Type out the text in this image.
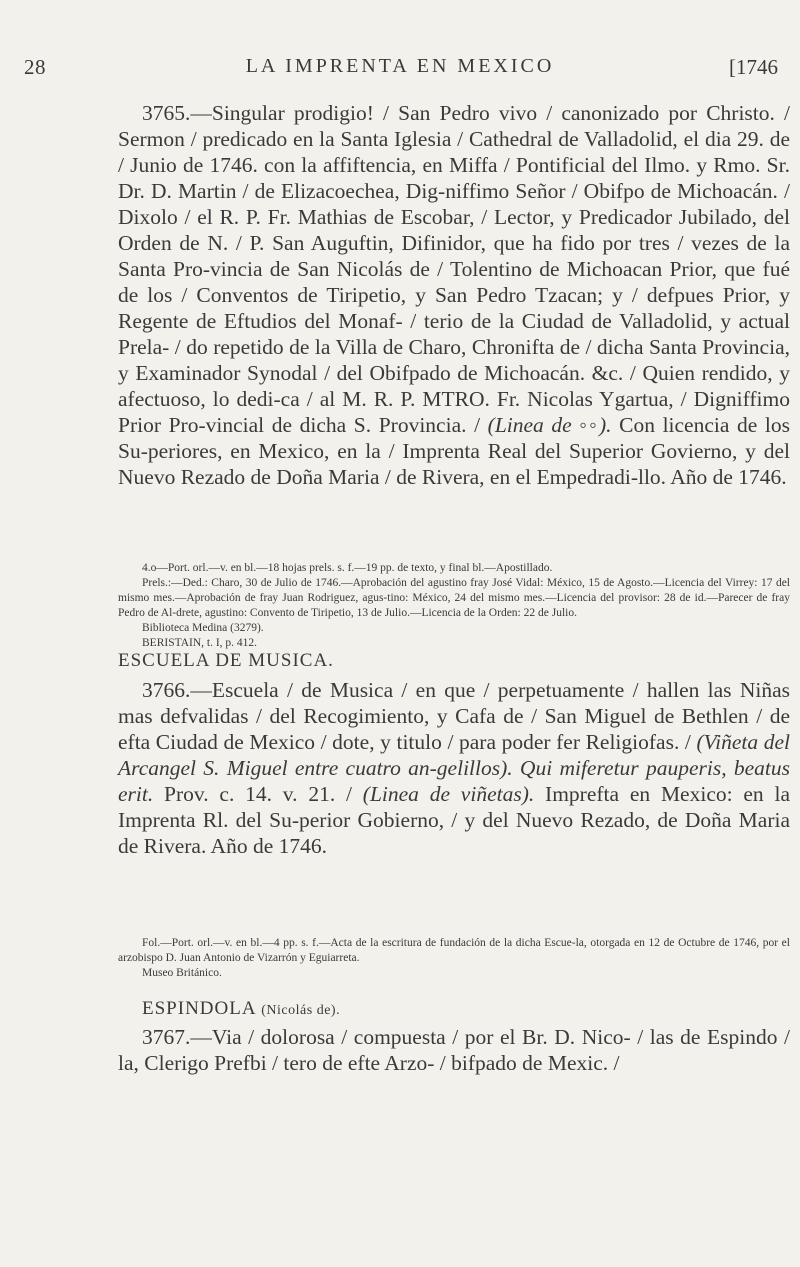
28	LA IMPRENTA EN MEXICO	[1746

3765.—Singular prodigio! / San Pedro vivo / canonizado por Christo. / Sermon / predicado en la Santa Iglesia / Cathedral de Valladolid, el dia 29. de / Junio de 1746. con la affiftencia, en Miffa / Pontificial del Ilmo. y Rmo. Sr. Dr. D. Martin / de Elizacoechea, Dig-niffimo Señor / Obifpo de Michoacán. / Dixolo / el R. P. Fr. Mathias de Escobar, / Lector, y Predicador Jubilado, del Orden de N. / P. San Auguftin, Difinidor, que ha fido por tres / vezes de la Santa Pro-vincia de San Nicolás de / Tolentino de Michoacan Prior, que fué de los / Conventos de Tiripetio, y San Pedro Tzacan; y / defpues Prior, y Regente de Eftudios del Monaf- / terio de la Ciudad de Valladolid, y actual Prela- / do repetido de la Villa de Charo, Chronifta de / dicha Santa Provincia, y Examinador Synodal / del Obifpado de Michoacán. &c. / Quien rendido, y afectuoso, lo dedi-ca / al M. R. P. MTRO. Fr. Nicolas Ygartua, / Digniffimo Prior Pro-vincial de dicha S. Provincia. / (Linea de ◦◦). Con licencia de los Su-periores, en Mexico, en la / Imprenta Real del Superior Govierno, y del Nuevo Rezado de Doña Maria / de Rivera, en el Empedradi-llo. Año de 1746.

4.o—Port. orl.—v. en bl.—18 hojas prels. s. f.—19 pp. de texto, y final bl.—Apostillado.

Prels.:—Ded.: Charo, 30 de Julio de 1746.—Aprobación del agustino fray José Vidal: México, 15 de Agosto.—Licencia del Virrey: 17 del mismo mes.—Aprobación de fray Juan Rodriguez, agus-tino: México, 24 del mismo mes.—Licencia del provisor: 28 de id.—Parecer de fray Pedro de Al-drete, agustino: Convento de Tiripetio, 13 de Julio.—Licencia de la Orden: 22 de Julio.

Biblioteca Medina (3279).

BERISTAIN, t. I, p. 412.

ESCUELA DE MUSICA.

3766.—Escuela / de Musica / en que / perpetuamente / hallen las Niñas mas defvalidas / del Recogimiento, y Cafa de / San Miguel de Bethlen / de efta Ciudad de Mexico / dote, y titulo / para poder fer Religiofas. / (Viñeta del Arcangel S. Miguel entre cuatro an-gelillos). Qui miferetur pauperis, beatus erit. Prov. c. 14. v. 21. / (Linea de viñetas). Imprefta en Mexico: en la Imprenta Rl. del Su-perior Gobierno, / y del Nuevo Rezado, de Doña Maria de Rivera. Año de 1746.

Fol.—Port. orl.—v. en bl.—4 pp. s. f.—Acta de la escritura de fundación de la dicha Escue-la, otorgada en 12 de Octubre de 1746, por el arzobispo D. Juan Antonio de Vizarrón y Eguiarreta.

Museo Británico.

ESPINDOLA (Nicolás de).

3767.—Via / dolorosa / compuesta / por el Br. D. Nico- / las de Espindo / la, Clerigo Prefbi / tero de efte Arzo- / bifpado de Mexic. /
